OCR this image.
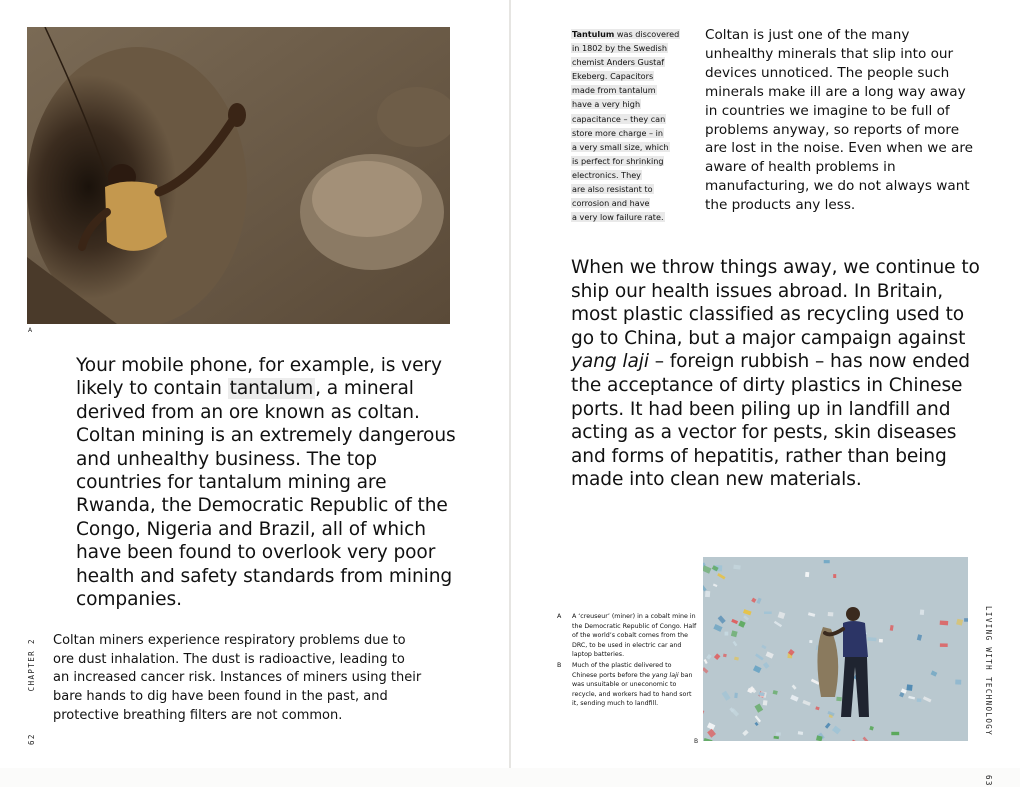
A

Your mobile phone, for example, is very likely to contain tantalum , a mineral derived from an ore known as coltan. Coltan mining is an extremely dangerous and unhealthy business. The top countries for tantalum mining are Rwanda, the Democratic Republic of the Congo, Nigeria and Brazil, all of which have been found to overlook very poor health and safety standards from mining companies.

Coltan miners experience respiratory problems due to ore dust inhalation. The dust is radioactive, leading to an increased cancer risk. Instances of miners using their bare hands to dig have been found in the past, and protective breathing filters are not common.

62  CHAPTER 2
Tantulum was discovered
in 1802 by the Swedish
chemist Anders Gustaf
Ekeberg. Capacitors
made from tantalum
have a very high
capacitance – they can
store more charge – in
a very small size, which
is perfect for shrinking
electronics. They
are also resistant to
corrosion and have
a very low failure rate.

Coltan is just one of the many unhealthy minerals that slip into our devices unnoticed. The people such minerals make ill are a long way away in countries we imagine to be full of problems anyway, so reports of more are lost in the noise. Even when we are aware of health problems in manufacturing, we do not always want the products any less.

When we throw things away, we continue to ship our health issues abroad. In Britain, most plastic classified as recycling used to go to China, but a major campaign against yang laji – foreign rubbish – has now ended the acceptance of dirty plastics in Chinese ports. It had been piling up in landfill and acting as a vector for pests, skin diseases and forms of hepatitis, rather than being made into clean new materials.

A A ‘creuseur’ (miner) in a cobalt mine in the Democratic Republic of Congo. Half of the world’s cobalt comes from the DRC, to be used in electric car and laptop batteries.

B Much of the plastic delivered to Chinese ports before the yang laji ban was unsuitable or uneconomic to recycle, and workers had to hand sort it, sending much to landfill.

B
LIVING WITH TECHNOLOGY  63
